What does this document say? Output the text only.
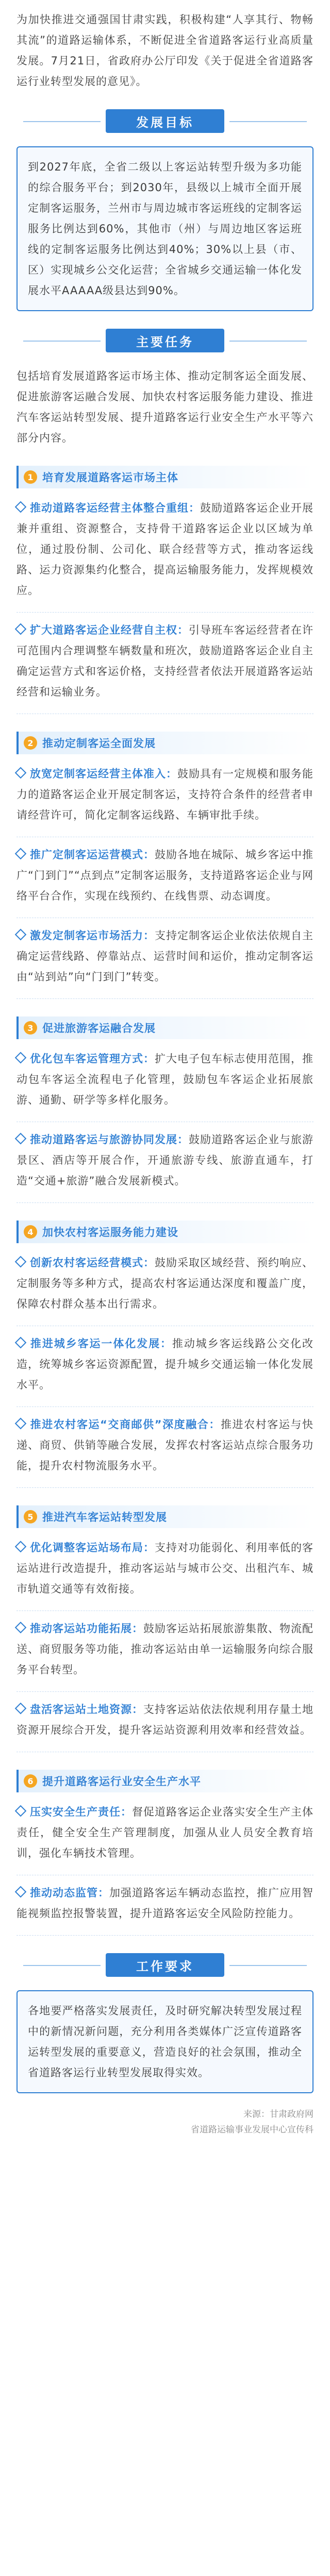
为加快推进交通强国甘肃实践，积极构建“人享其行、物畅其流”的道路运输体系，不断促进全省道路客运行业高质量发展。7月21日，省政府办公厅印发《关于促进全省道路客运行业转型发展的意见》。

发展目标

到2027年底，全省二级以上客运站转型升级为多功能的综合服务平台；到2030年，县级以上城市全面开展定制客运服务，兰州市与周边城市客运班线的定制客运服务比例达到60%，其他市（州）与周边地区客运班线的定制客运服务比例达到40%；30%以上县（市、区）实现城乡公交化运营；全省城乡交通运输一体化发展水平AAAAA级县达到90%。

主要任务

包括培育发展道路客运市场主体、推动定制客运全面发展、促进旅游客运融合发展、加快农村客运服务能力建设、推进汽车客运站转型发展、提升道路客运行业安全生产水平等六部分内容。

1 培育发展道路客运市场主体

推动道路客运经营主体整合重组：鼓励道路客运企业开展兼并重组、资源整合，支持骨干道路客运企业以区域为单位，通过股份制、公司化、联合经营等方式，推动客运线路、运力资源集约化整合，提高运输服务能力，发挥规模效应。

扩大道路客运企业经营自主权：引导班车客运经营者在许可范围内合理调整车辆数量和班次，鼓励道路客运企业自主确定运营方式和客运价格，支持经营者依法开展道路客运站经营和运输业务。

2 推动定制客运全面发展

放宽定制客运经营主体准入：鼓励具有一定规模和服务能力的道路客运企业开展定制客运，支持符合条件的经营者申请经营许可，简化定制客运线路、车辆审批手续。

推广定制客运运营模式：鼓励各地在城际、城乡客运中推广“门到门”“点到点”定制客运服务，支持道路客运企业与网络平台合作，实现在线预约、在线售票、动态调度。

激发定制客运市场活力：支持定制客运企业依法依规自主确定运营线路、停靠站点、运营时间和运价，推动定制客运由“站到站”向“门到门”转变。

3 促进旅游客运融合发展

优化包车客运管理方式：扩大电子包车标志使用范围，推动包车客运全流程电子化管理，鼓励包车客运企业拓展旅游、通勤、研学等多样化服务。

推动道路客运与旅游协同发展：鼓励道路客运企业与旅游景区、酒店等开展合作，开通旅游专线、旅游直通车，打造“交通+旅游”融合发展新模式。

4 加快农村客运服务能力建设

创新农村客运经营模式：鼓励采取区域经营、预约响应、定制服务等多种方式，提高农村客运通达深度和覆盖广度，保障农村群众基本出行需求。

推进城乡客运一体化发展：推动城乡客运线路公交化改造，统筹城乡客运资源配置，提升城乡交通运输一体化发展水平。

推进农村客运“交商邮供”深度融合：推进农村客运与快递、商贸、供销等融合发展，发挥农村客运站点综合服务功能，提升农村物流服务水平。

5 推进汽车客运站转型发展

优化调整客运站场布局：支持对功能弱化、利用率低的客运站进行改造提升，推动客运站与城市公交、出租汽车、城市轨道交通等有效衔接。

推动客运站功能拓展：鼓励客运站拓展旅游集散、物流配送、商贸服务等功能，推动客运站由单一运输服务向综合服务平台转型。

盘活客运站土地资源：支持客运站依法依规利用存量土地资源开展综合开发，提升客运站资源利用效率和经营效益。

6 提升道路客运行业安全生产水平

压实安全生产责任：督促道路客运企业落实安全生产主体责任，健全安全生产管理制度，加强从业人员安全教育培训，强化车辆技术管理。

推动动态监管：加强道路客运车辆动态监控，推广应用智能视频监控报警装置，提升道路客运安全风险防控能力。

工作要求

各地要严格落实发展责任，及时研究解决转型发展过程中的新情况新问题，充分利用各类媒体广泛宣传道路客运转型发展的重要意义，营造良好的社会氛围，推动全省道路客运行业转型发展取得实效。

来源：甘肃政府网
省道路运输事业发展中心宣传科
